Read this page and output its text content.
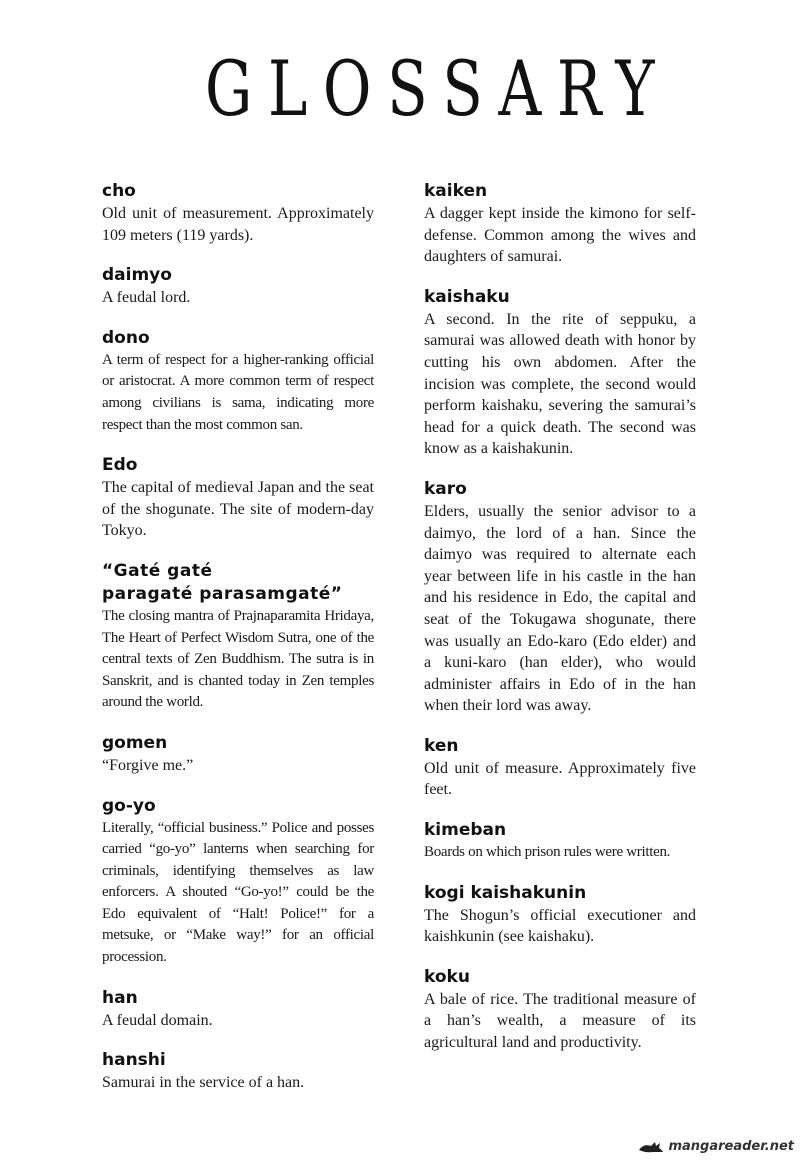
GLOSSARY
cho
Old unit of measurement. Approximately 109 meters (119 yards).
daimyo
A feudal lord.
dono
A term of respect for a higher-ranking official or aristocrat. A more common term of respect among civilians is sama, indicating more respect than the most common san.
Edo
The capital of medieval Japan and the seat of the shogunate. The site of modern-day Tokyo.
“Gaté gaté
paragaté parasamgaté”
The closing mantra of Prajnaparamita Hridaya, The Heart of Perfect Wisdom Sutra, one of the central texts of Zen Buddhism. The sutra is in Sanskrit, and is chanted today in Zen temples around the world.
gomen
“Forgive me.”
go-yo
Literally, “official business.” Police and posses carried “go-yo” lanterns when searching for criminals, identifying themselves as law enforcers. A shouted “Go-yo!” could be the Edo equivalent of “Halt! Police!” for a metsuke, or “Make way!” for an official procession.
han
A feudal domain.
hanshi
Samurai in the service of a han.
kaiken
A dagger kept inside the kimono for self-defense. Common among the wives and daughters of samurai.
kaishaku
A second. In the rite of seppuku, a samurai was allowed death with honor by cutting his own abdomen. After the incision was complete, the second would perform kaishaku, severing the samurai’s head for a quick death. The second was know as a kaishakunin.
karo
Elders, usually the senior advisor to a daimyo, the lord of a han. Since the daimyo was required to alternate each year between life in his castle in the han and his residence in Edo, the capital and seat of the Tokugawa shogunate, there was usually an Edo-karo (Edo elder) and a kuni-karo (han elder), who would administer affairs in Edo of in the han when their lord was away.
ken
Old unit of measure. Approximately five feet.
kimeban
Boards on which prison rules were written.
kogi kaishakunin
The Shogun’s official executioner and kaishkunin (see kaishaku).
koku
A bale of rice. The traditional measure of a han’s wealth, a measure of its agricultural land and productivity.
mangareader.net
